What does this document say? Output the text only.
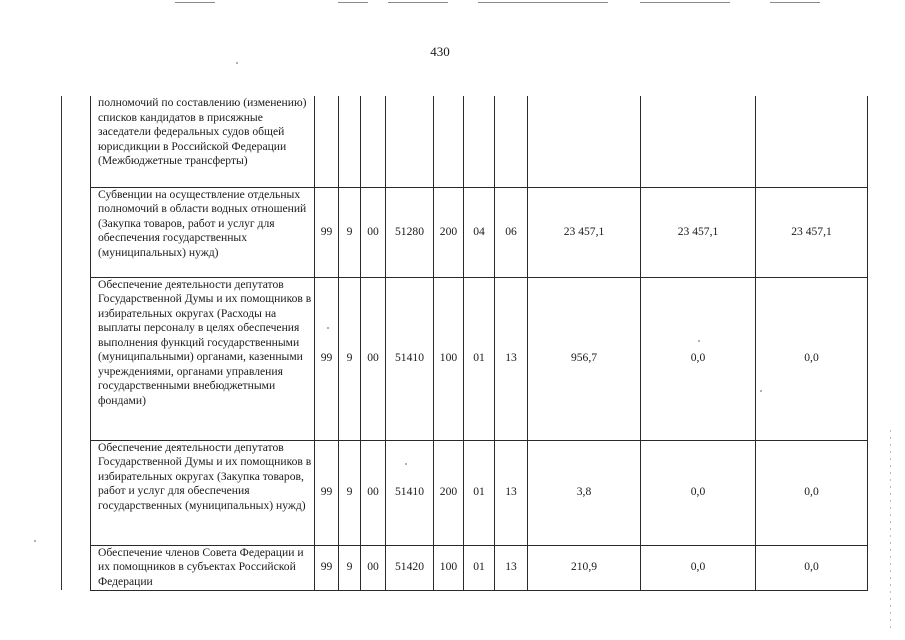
430
полномочий по составлению (изменению) списков кандидатов в присяжные заседатели федеральных судов общей юрисдикции в Российской Федерации (Межбюджетные трансферты)										
Субвенции на осуществление отдельных полномочий в области водных отношений (Закупка товаров, работ и услуг для обеспечения государственных (муниципальных) нужд)	99	9	00	51280	200	04	06	23 457,1	23 457,1	23 457,1
Обеспечение деятельности депутатов Государственной Думы и их помощников в избирательных округах (Расходы на выплаты персоналу в целях обеспечения выполнения функций государственными (муниципальными) органами, казенными учреждениями, органами управления государственными внебюджетными фондами)	99	9	00	51410	100	01	13	956,7	0,0	0,0
Обеспечение деятельности депутатов Государственной Думы и их помощников в избирательных округах (Закупка товаров, работ и услуг для обеспечения государственных (муниципальных) нужд)	99	9	00	51410	200	01	13	3,8	0,0	0,0
Обеспечение членов Совета Федерации и их помощников в субъектах Российской Федерации	99	9	00	51420	100	01	13	210,9	0,0	0,0
